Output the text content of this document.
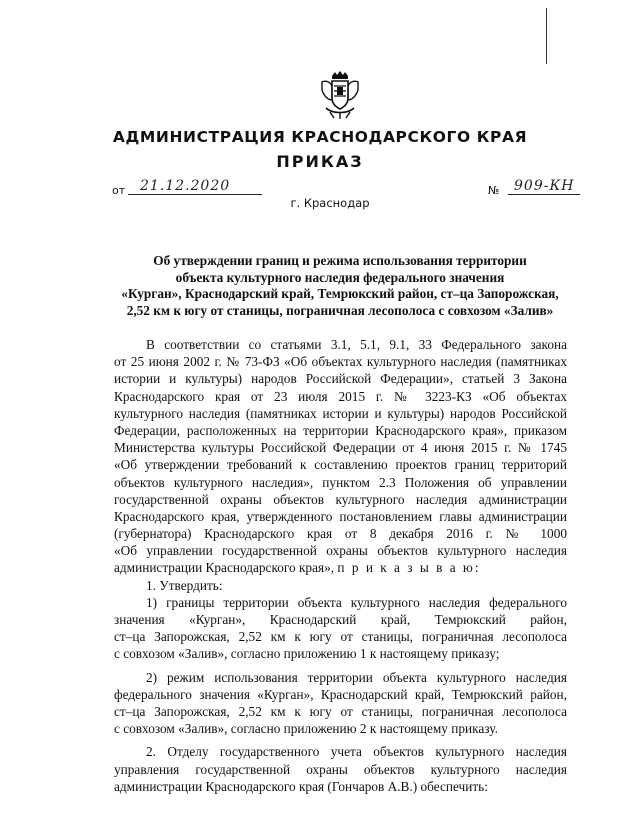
АДМИНИСТРАЦИЯ КРАСНОДАРСКОГО КРАЯ
ПРИКАЗ
от	21.12.2020	№	909-КН
г. Краснодар
Об утверждении границ и режима использования территории
объекта культурного наследия федерального значения
«Курган», Краснодарский край, Темрюкский район, ст–ца Запорожская,
2,52 км к югу от станицы, пограничная лесополоса с совхозом «Залив»
В соответствии со статьями 3.1, 5.1, 9.1, 33 Федерального закона
от 25 июня 2002 г. № 73-ФЗ «Об объектах культурного наследия (памятниках
истории и культуры) народов Российской Федерации», статьей 3 Закона
Краснодарского края от 23 июля 2015 г. № 3223-КЗ «Об объектах
культурного наследия (памятниках истории и культуры) народов Российской
Федерации, расположенных на территории Краснодарского края», приказом
Министерства культуры Российской Федерации от 4 июня 2015 г. № 1745
«Об утверждении требований к составлению проектов границ территорий
объектов культурного наследия», пунктом 2.3 Положения об управлении
государственной охраны объектов культурного наследия администрации
Краснодарского края, утвержденного постановлением главы администрации
(губернатора) Краснодарского края от 8 декабря 2016 г. № 1000
«Об управлении государственной охраны объектов культурного наследия
администрации Краснодарского края», п р и к а з ы в а ю:
1. Утвердить:
1) границы территории объекта культурного наследия федерального
значения «Курган», Краснодарский край, Темрюкский район,
ст–ца Запорожская, 2,52 км к югу от станицы, пограничная лесополоса
с совхозом «Залив», согласно приложению 1 к настоящему приказу;
2) режим использования территории объекта культурного наследия
федерального значения «Курган», Краснодарский край, Темрюкский район,
ст–ца Запорожская, 2,52 км к югу от станицы, пограничная лесополоса
с совхозом «Залив», согласно приложению 2 к настоящему приказу.
2. Отделу государственного учета объектов культурного наследия
управления государственной охраны объектов культурного наследия
администрации Краснодарского края (Гончаров А.В.) обеспечить:
